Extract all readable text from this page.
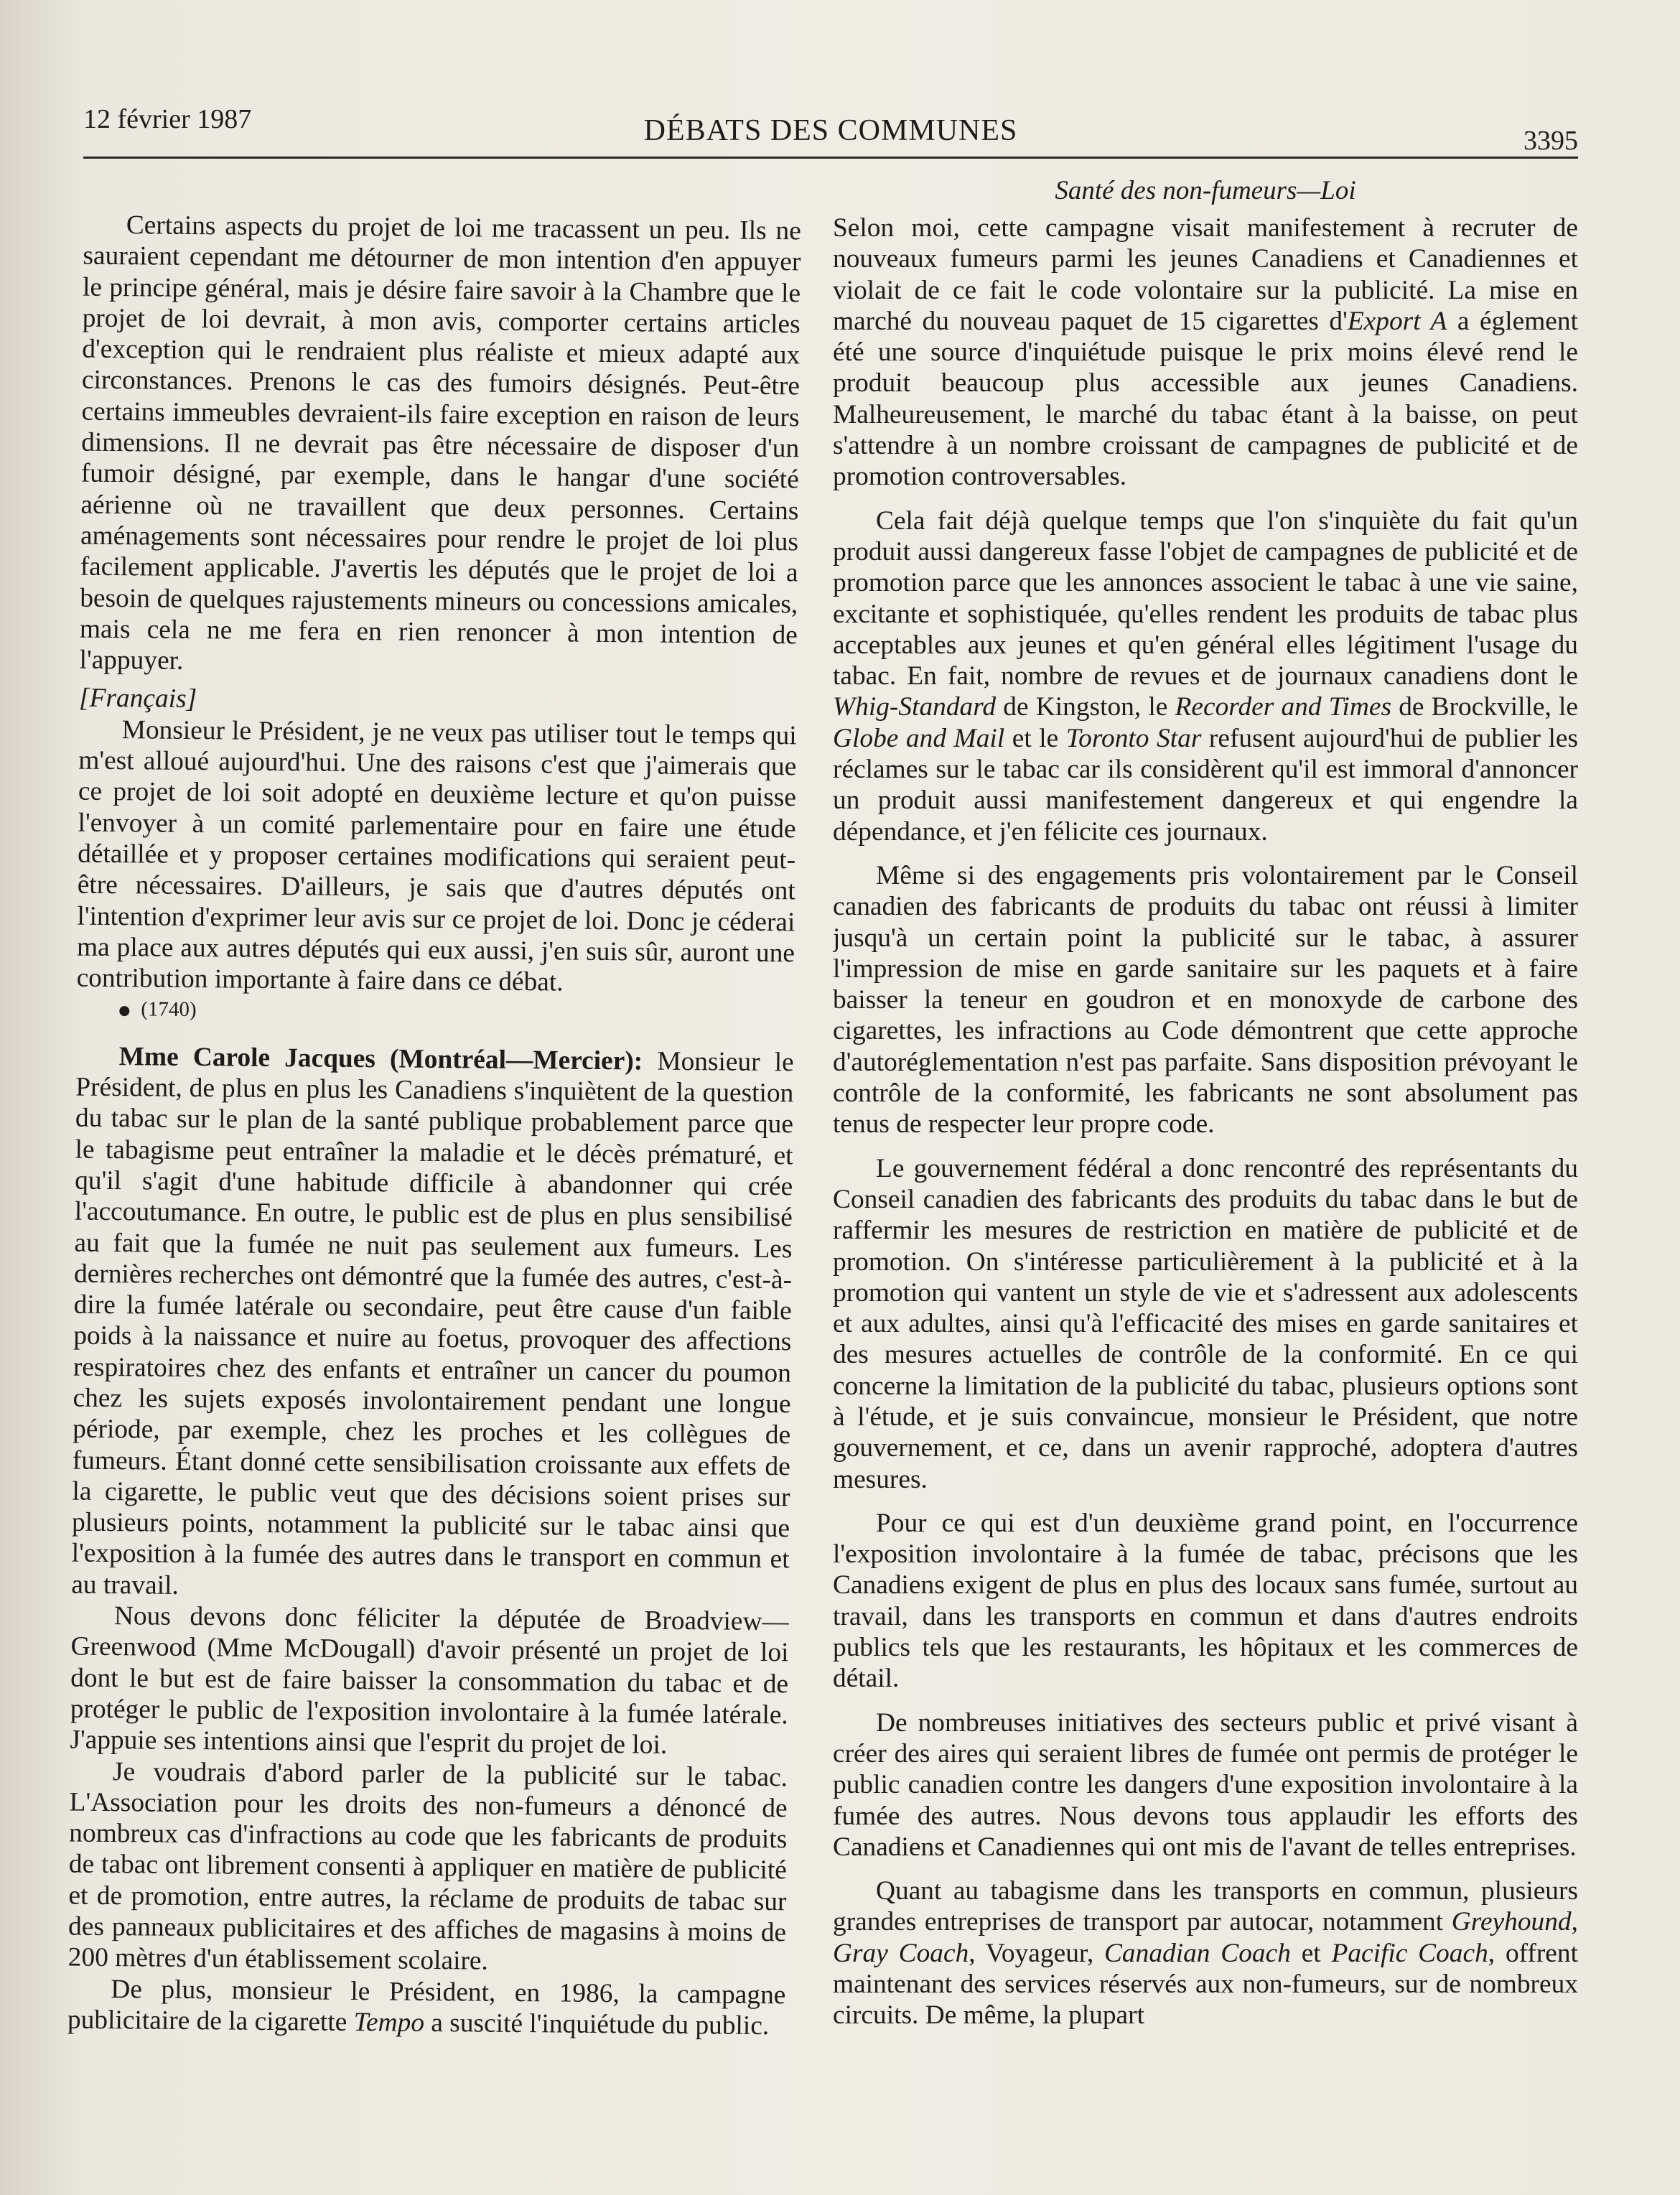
12 février 1987	DÉBATS DES COMMUNES	3395
Santé des non-fumeurs—Loi

Certains aspects du projet de loi me tracassent un peu. Ils ne sauraient cependant me détourner de mon intention d'en appuyer le principe général, mais je désire faire savoir à la Chambre que le projet de loi devrait, à mon avis, comporter certains articles d'exception qui le rendraient plus réaliste et mieux adapté aux circonstances. Prenons le cas des fumoirs désignés. Peut-être certains immeubles devraient-ils faire exception en raison de leurs dimensions. Il ne devrait pas être nécessaire de disposer d'un fumoir désigné, par exemple, dans le hangar d'une société aérienne où ne travaillent que deux personnes. Certains aménagements sont nécessaires pour rendre le projet de loi plus facilement applicable. J'avertis les députés que le projet de loi a besoin de quelques rajustements mineurs ou concessions amicales, mais cela ne me fera en rien renoncer à mon intention de l'appuyer.

[Français]

Monsieur le Président, je ne veux pas utiliser tout le temps qui m'est alloué aujourd'hui. Une des raisons c'est que j'aimerais que ce projet de loi soit adopté en deuxième lecture et qu'on puisse l'envoyer à un comité parlementaire pour en faire une étude détaillée et y proposer certaines modifications qui seraient peut-être nécessaires. D'ailleurs, je sais que d'autres députés ont l'intention d'exprimer leur avis sur ce projet de loi. Donc je céderai ma place aux autres députés qui eux aussi, j'en suis sûr, auront une contribution importante à faire dans ce débat.

(1740)

Mme Carole Jacques (Montréal—Mercier): Monsieur le Président, de plus en plus les Canadiens s'inquiètent de la question du tabac sur le plan de la santé publique probablement parce que le tabagisme peut entraîner la maladie et le décès prématuré, et qu'il s'agit d'une habitude difficile à abandonner qui crée l'accoutumance. En outre, le public est de plus en plus sensibilisé au fait que la fumée ne nuit pas seulement aux fumeurs. Les dernières recherches ont démontré que la fumée des autres, c'est-à-dire la fumée latérale ou secondaire, peut être cause d'un faible poids à la naissance et nuire au foetus, provoquer des affections respiratoires chez des enfants et entraîner un cancer du poumon chez les sujets exposés involontairement pendant une longue période, par exemple, chez les proches et les collègues de fumeurs. Étant donné cette sensibilisation croissante aux effets de la cigarette, le public veut que des décisions soient prises sur plusieurs points, notamment la publicité sur le tabac ainsi que l'exposition à la fumée des autres dans le transport en commun et au travail.

Nous devons donc féliciter la députée de Broadview—Greenwood (Mme McDougall) d'avoir présenté un projet de loi dont le but est de faire baisser la consommation du tabac et de protéger le public de l'exposition involontaire à la fumée latérale. J'appuie ses intentions ainsi que l'esprit du projet de loi.

Je voudrais d'abord parler de la publicité sur le tabac. L'Association pour les droits des non-fumeurs a dénoncé de nombreux cas d'infractions au code que les fabricants de produits de tabac ont librement consenti à appliquer en matière de publicité et de promotion, entre autres, la réclame de produits de tabac sur des panneaux publicitaires et des affiches de magasins à moins de 200 mètres d'un établissement scolaire.

De plus, monsieur le Président, en 1986, la campagne publicitaire de la cigarette Tempo a suscité l'inquiétude du public.

Selon moi, cette campagne visait manifestement à recruter de nouveaux fumeurs parmi les jeunes Canadiens et Canadiennes et violait de ce fait le code volontaire sur la publicité. La mise en marché du nouveau paquet de 15 cigarettes d'Export A a églement été une source d'inquiétude puisque le prix moins élevé rend le produit beaucoup plus accessible aux jeunes Canadiens. Malheureusement, le marché du tabac étant à la baisse, on peut s'attendre à un nombre croissant de campagnes de publicité et de promotion controversables.

Cela fait déjà quelque temps que l'on s'inquiète du fait qu'un produit aussi dangereux fasse l'objet de campagnes de publicité et de promotion parce que les annonces associent le tabac à une vie saine, excitante et sophistiquée, qu'elles rendent les produits de tabac plus acceptables aux jeunes et qu'en général elles légitiment l'usage du tabac. En fait, nombre de revues et de journaux canadiens dont le Whig-Standard de Kingston, le Recorder and Times de Brockville, le Globe and Mail et le Toronto Star refusent aujourd'hui de publier les réclames sur le tabac car ils considèrent qu'il est immoral d'annoncer un produit aussi manifestement dangereux et qui engendre la dépendance, et j'en félicite ces journaux.

Même si des engagements pris volontairement par le Conseil canadien des fabricants de produits du tabac ont réussi à limiter jusqu'à un certain point la publicité sur le tabac, à assurer l'impression de mise en garde sanitaire sur les paquets et à faire baisser la teneur en goudron et en monoxyde de carbone des cigarettes, les infractions au Code démontrent que cette approche d'autoréglementation n'est pas parfaite. Sans disposition prévoyant le contrôle de la conformité, les fabricants ne sont absolument pas tenus de respecter leur propre code.

Le gouvernement fédéral a donc rencontré des représentants du Conseil canadien des fabricants des produits du tabac dans le but de raffermir les mesures de restriction en matière de publicité et de promotion. On s'intéresse particulièrement à la publicité et à la promotion qui vantent un style de vie et s'adressent aux adolescents et aux adultes, ainsi qu'à l'efficacité des mises en garde sanitaires et des mesures actuelles de contrôle de la conformité. En ce qui concerne la limitation de la publicité du tabac, plusieurs options sont à l'étude, et je suis convaincue, monsieur le Président, que notre gouvernement, et ce, dans un avenir rapproché, adoptera d'autres mesures.

Pour ce qui est d'un deuxième grand point, en l'occurrence l'exposition involontaire à la fumée de tabac, précisons que les Canadiens exigent de plus en plus des locaux sans fumée, surtout au travail, dans les transports en commun et dans d'autres endroits publics tels que les restaurants, les hôpitaux et les commerces de détail.

De nombreuses initiatives des secteurs public et privé visant à créer des aires qui seraient libres de fumée ont permis de protéger le public canadien contre les dangers d'une exposition involontaire à la fumée des autres. Nous devons tous applaudir les efforts des Canadiens et Canadiennes qui ont mis de l'avant de telles entreprises.

Quant au tabagisme dans les transports en commun, plusieurs grandes entreprises de transport par autocar, notamment Greyhound, Gray Coach, Voyageur, Canadian Coach et Pacific Coach, offrent maintenant des services réservés aux non-fumeurs, sur de nombreux circuits. De même, la plupart
